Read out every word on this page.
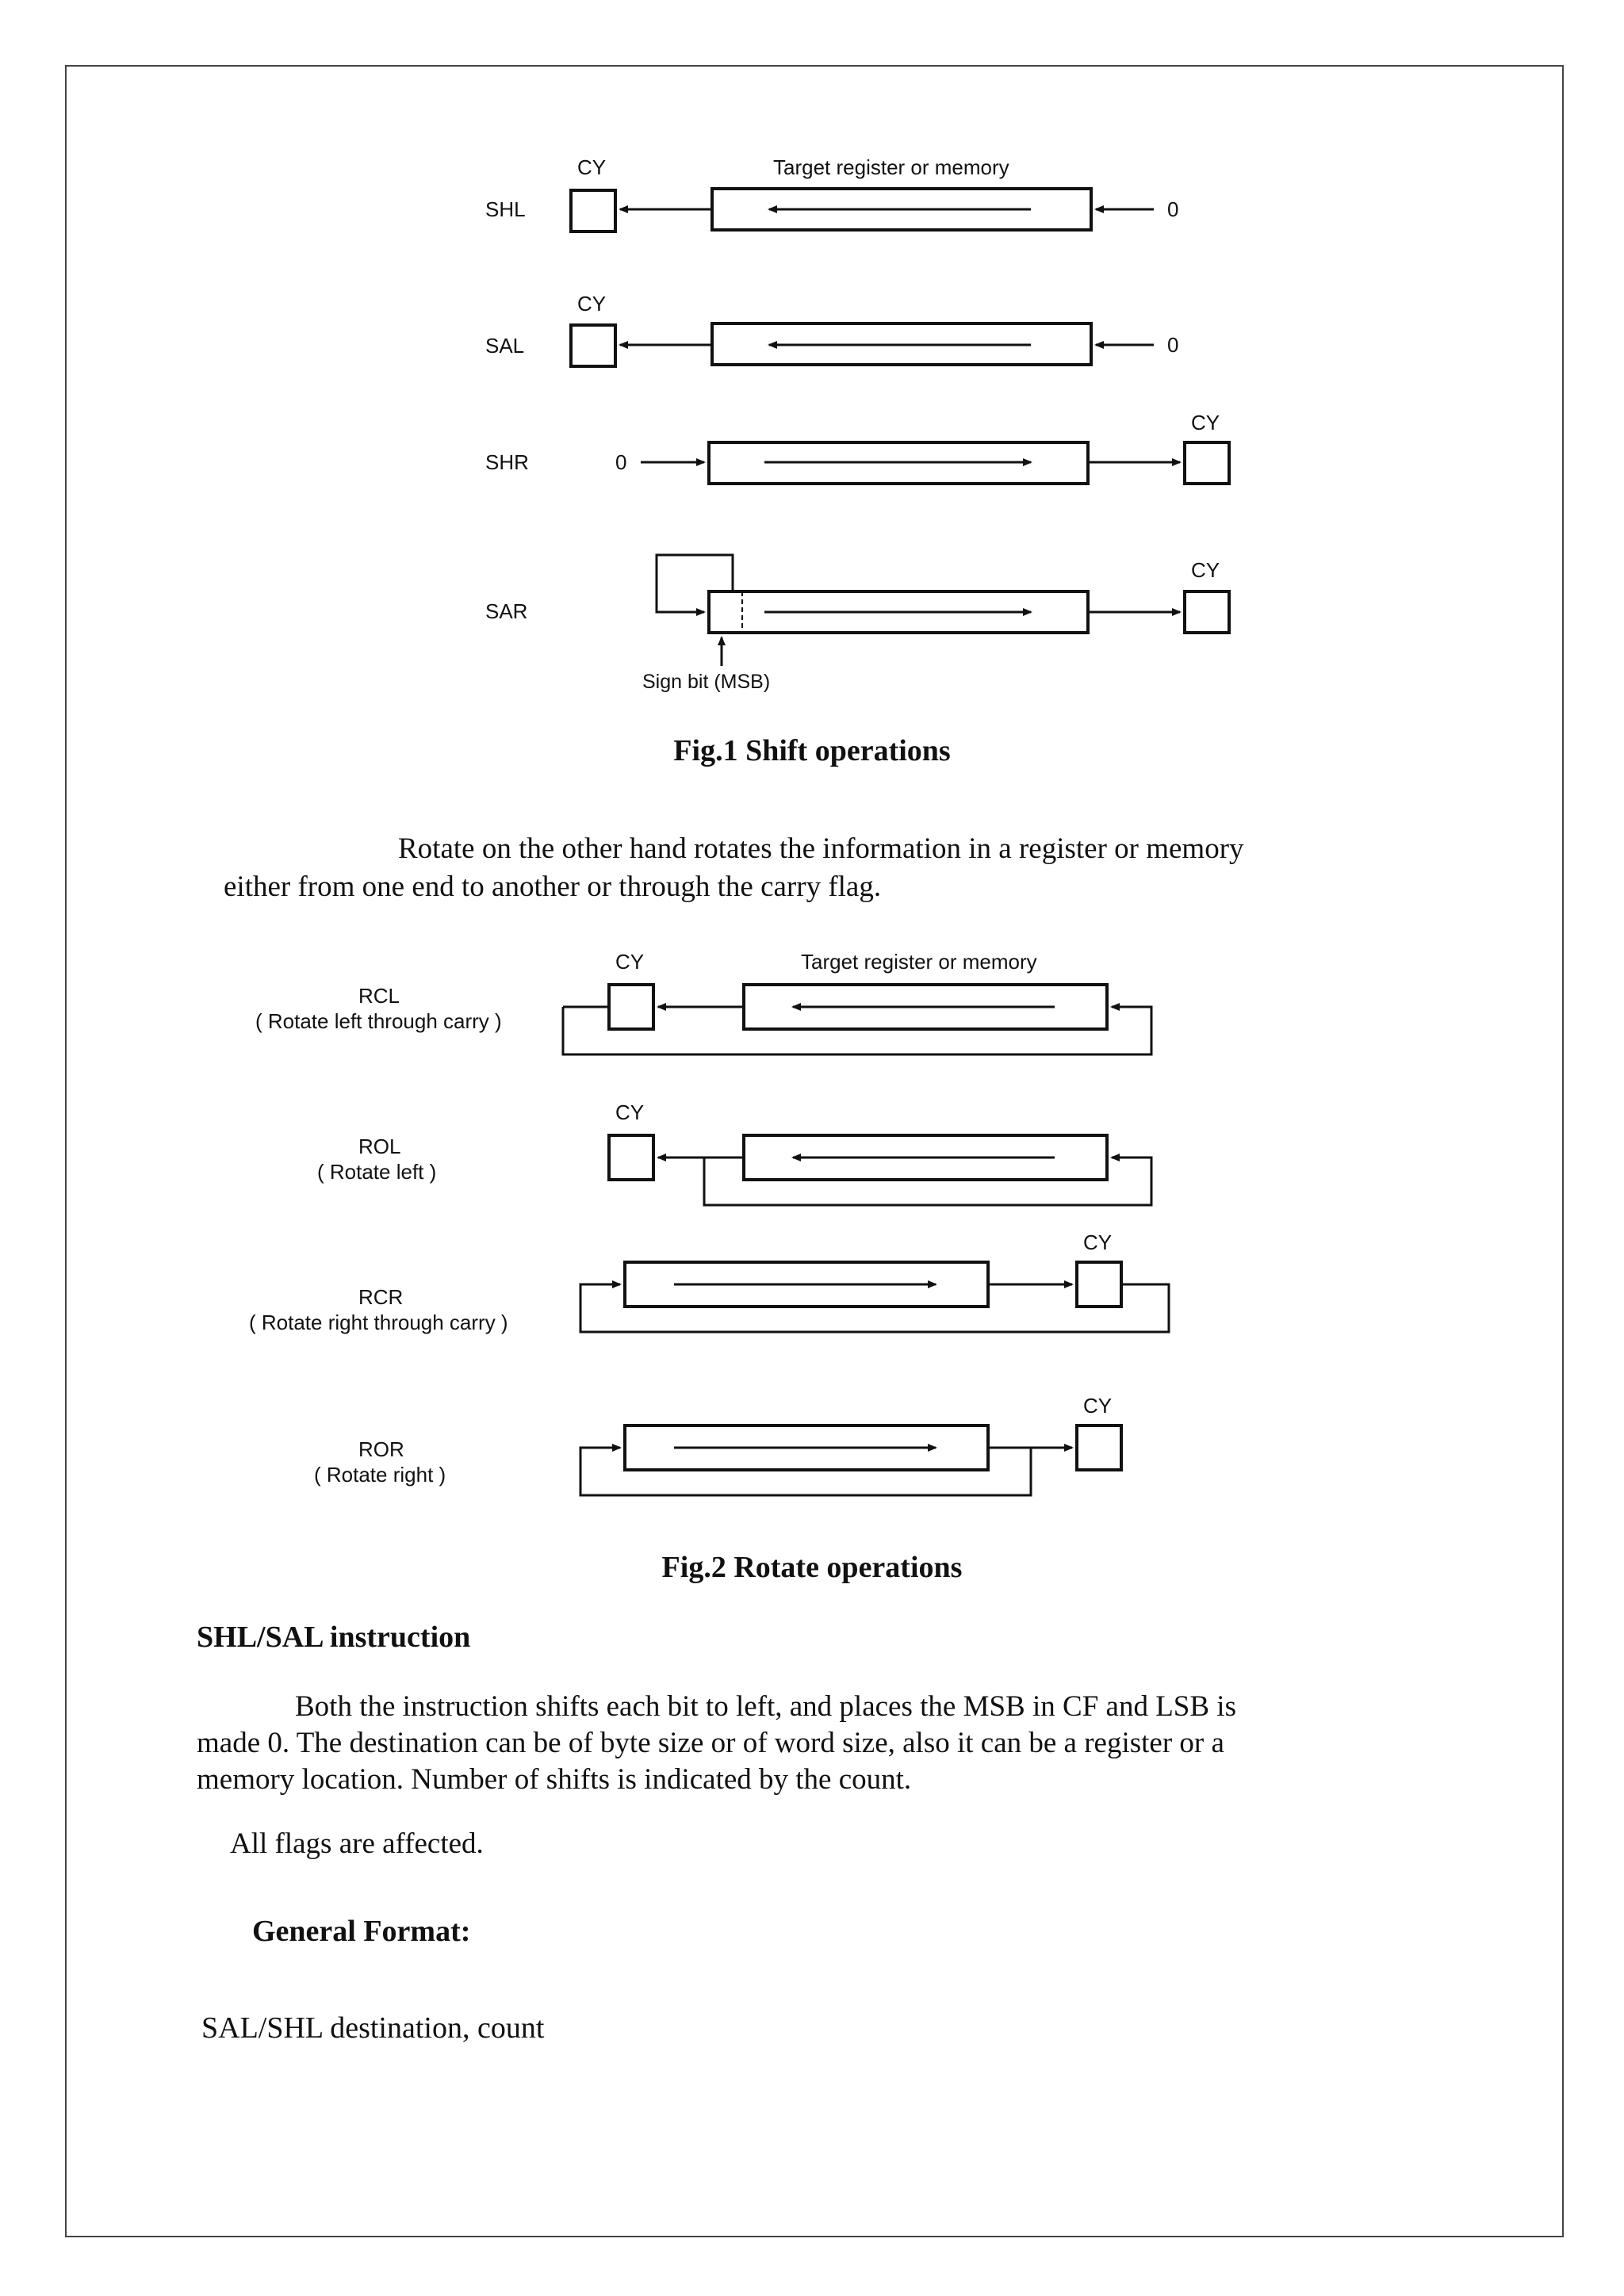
CY	Target register or memory
SHL	0
CY
SAL	0
SHR	0
CY
SAR
CY
Sign bit (MSB)
Fig.1 Shift operations
Rotate on the other hand rotates the information in a register or memory
either from one end to another or through the carry flag.
RCL
( Rotate left through carry )
CY	Target register or memory
ROL
( Rotate left )
CY
RCR
( Rotate right through carry )
CY
ROR
( Rotate right )
CY
Fig.2 Rotate operations
SHL/SAL instruction
Both the instruction shifts each bit to left, and places the MSB in CF and LSB is
made 0. The destination can be of byte size or of word size, also it can be a register or a
memory location. Number of shifts is indicated by the count.
All flags are affected.
General Format:
SAL/SHL destination, count
